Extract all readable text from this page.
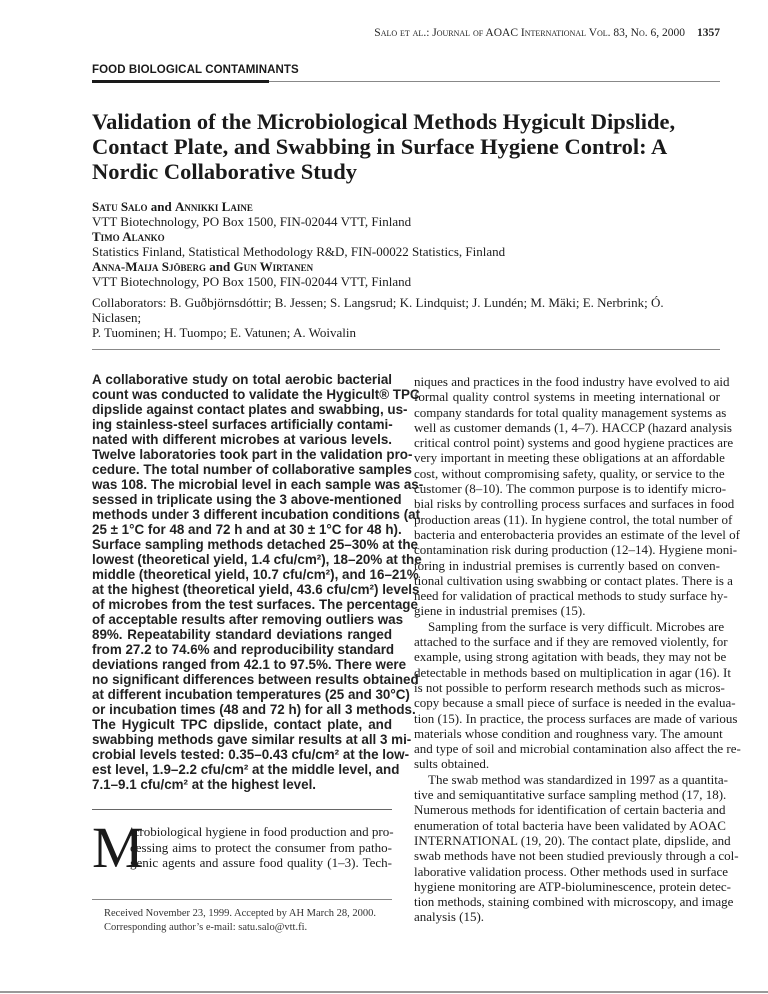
Salo et al.: Journal of AOAC International Vol. 83, No. 6, 2000 1357
FOOD BIOLOGICAL CONTAMINANTS
Validation of the Microbiological Methods Hygicult Dipslide,
Contact Plate, and Swabbing in Surface Hygiene Control: A
Nordic Collaborative Study
Satu Salo and Annikki Laine
VTT Biotechnology, PO Box 1500, FIN-02044 VTT, Finland
Timo Alanko
Statistics Finland, Statistical Methodology R&D, FIN-00022 Statistics, Finland
Anna-Maija Sjöberg and Gun Wirtanen
VTT Biotechnology, PO Box 1500, FIN-02044 VTT, Finland
Collaborators: B. Guðbjörnsdóttir; B. Jessen; S. Langsrud; K. Lindquist; J. Lundén; M. Mäki; E. Nerbrink; Ó. Niclasen;
P. Tuominen; H. Tuompo; E. Vatunen; A. Woivalin
A collaborative study on total aerobic bacterial
count was conducted to validate the Hygicult® TPC
dipslide against contact plates and swabbing, us-
ing stainless-steel surfaces artificially contami-
nated with different microbes at various levels.
Twelve laboratories took part in the validation pro-
cedure. The total number of collaborative samples
was 108. The microbial level in each sample was as-
sessed in triplicate using the 3 above-mentioned
methods under 3 different incubation conditions (at
25 ± 1°C for 48 and 72 h and at 30 ± 1°C for 48 h).
Surface sampling methods detached 25–30% at the
lowest (theoretical yield, 1.4 cfu/cm²), 18–20% at the
middle (theoretical yield, 10.7 cfu/cm²), and 16–21%
at the highest (theoretical yield, 43.6 cfu/cm²) levels
of microbes from the test surfaces. The percentage
of acceptable results after removing outliers was
89%. Repeatability standard deviations ranged
from 27.2 to 74.6% and reproducibility standard
deviations ranged from 42.1 to 97.5%. There were
no significant differences between results obtained
at different incubation temperatures (25 and 30°C)
or incubation times (48 and 72 h) for all 3 methods.
The Hygicult TPC dipslide, contact plate, and
swabbing methods gave similar results at all 3 mi-
crobial levels tested: 0.35–0.43 cfu/cm² at the low-
est level, 1.9–2.2 cfu/cm² at the middle level, and
7.1–9.1 cfu/cm² at the highest level.
M
icrobiological hygiene in food production and pro-
cessing aims to protect the consumer from patho-
genic agents and assure food quality (1–3). Tech-
Received November 23, 1999. Accepted by AH March 28, 2000.
Corresponding author’s e-mail: satu.salo@vtt.fi.
niques and practices in the food industry have evolved to aid
formal quality control systems in meeting international or
company standards for total quality management systems as
well as customer demands (1, 4–7). HACCP (hazard analysis
critical control point) systems and good hygiene practices are
very important in meeting these obligations at an affordable
cost, without compromising safety, quality, or service to the
customer (8–10). The common purpose is to identify micro-
bial risks by controlling process surfaces and surfaces in food
production areas (11). In hygiene control, the total number of
bacteria and enterobacteria provides an estimate of the level of
contamination risk during production (12–14). Hygiene moni-
toring in industrial premises is currently based on conven-
tional cultivation using swabbing or contact plates. There is a
need for validation of practical methods to study surface hy-
giene in industrial premises (15).
Sampling from the surface is very difficult. Microbes are
attached to the surface and if they are removed violently, for
example, using strong agitation with beads, they may not be
detectable in methods based on multiplication in agar (16). It
is not possible to perform research methods such as micros-
copy because a small piece of surface is needed in the evalua-
tion (15). In practice, the process surfaces are made of various
materials whose condition and roughness vary. The amount
and type of soil and microbial contamination also affect the re-
sults obtained.
The swab method was standardized in 1997 as a quantita-
tive and semiquantitative surface sampling method (17, 18).
Numerous methods for identification of certain bacteria and
enumeration of total bacteria have been validated by AOAC
INTERNATIONAL (19, 20). The contact plate, dipslide, and
swab methods have not been studied previously through a col-
laborative validation process. Other methods used in surface
hygiene monitoring are ATP-bioluminescence, protein detec-
tion methods, staining combined with microscopy, and image
analysis (15).
